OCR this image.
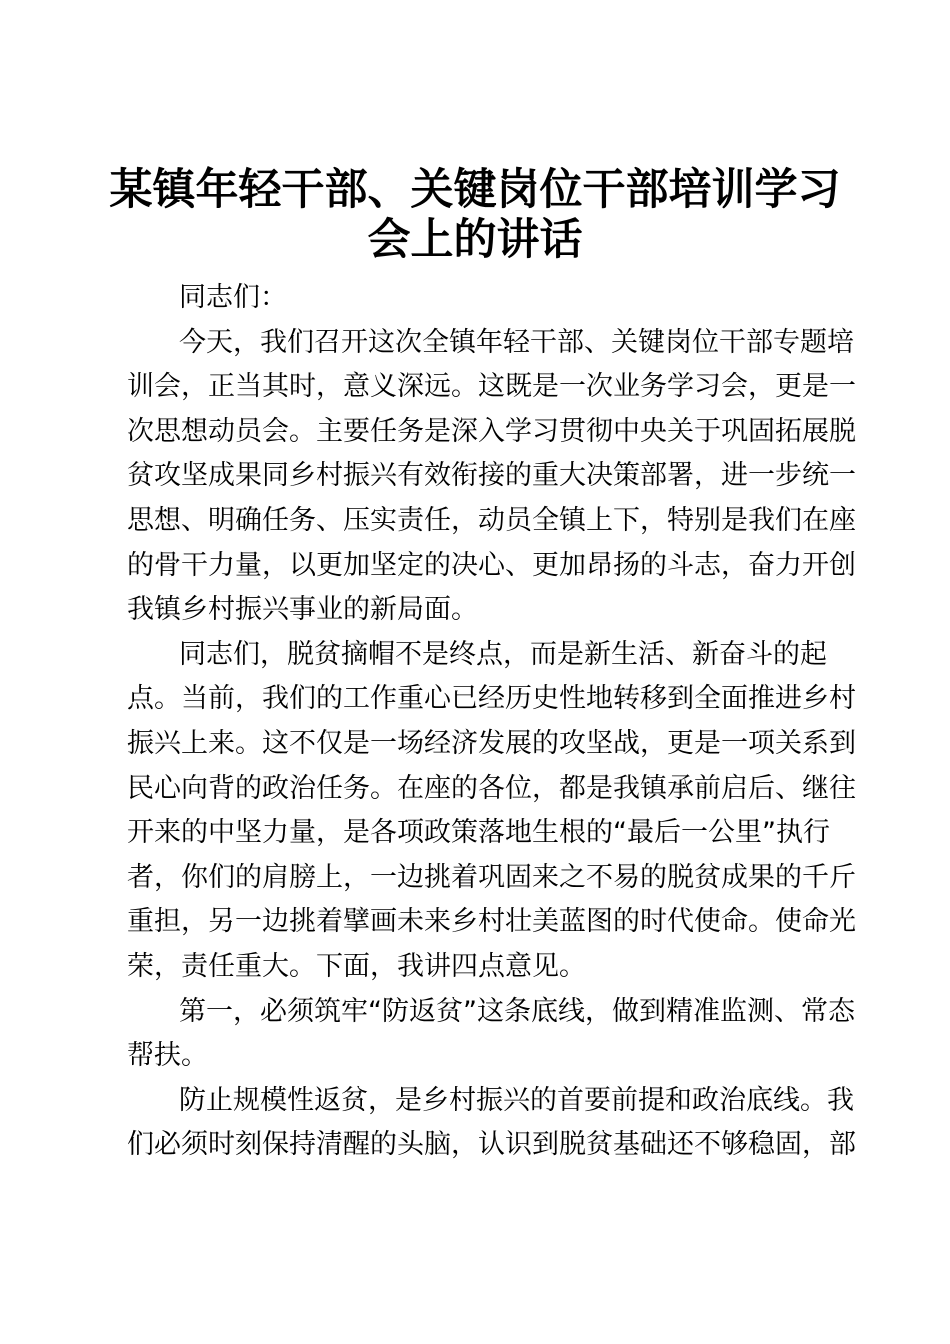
某镇年轻干部、关键岗位干部培训学习
会上的讲话
同志们：
今天，我们召开这次全镇年轻干部、关键岗位干部专题培
训会，正当其时，意义深远。这既是一次业务学习会，更是一
次思想动员会。主要任务是深入学习贯彻中央关于巩固拓展脱
贫攻坚成果同乡村振兴有效衔接的重大决策部署，进一步统一
思想、明确任务、压实责任，动员全镇上下，特别是我们在座
的骨干力量，以更加坚定的决心、更加昂扬的斗志，奋力开创
我镇乡村振兴事业的新局面。
同志们，脱贫摘帽不是终点，而是新生活、新奋斗的起
点。当前，我们的工作重心已经历史性地转移到全面推进乡村
振兴上来。这不仅是一场经济发展的攻坚战，更是一项关系到
民心向背的政治任务。在座的各位，都是我镇承前启后、继往
开来的中坚力量，是各项政策落地生根的“最后一公里”执行
者，你们的肩膀上，一边挑着巩固来之不易的脱贫成果的千斤
重担，另一边挑着擘画未来乡村壮美蓝图的时代使命。使命光
荣，责任重大。下面，我讲四点意见。
第一，必须筑牢“防返贫”这条底线，做到精准监测、常态
帮扶。
防止规模性返贫，是乡村振兴的首要前提和政治底线。我
们必须时刻保持清醒的头脑，认识到脱贫基础还不够稳固，部
